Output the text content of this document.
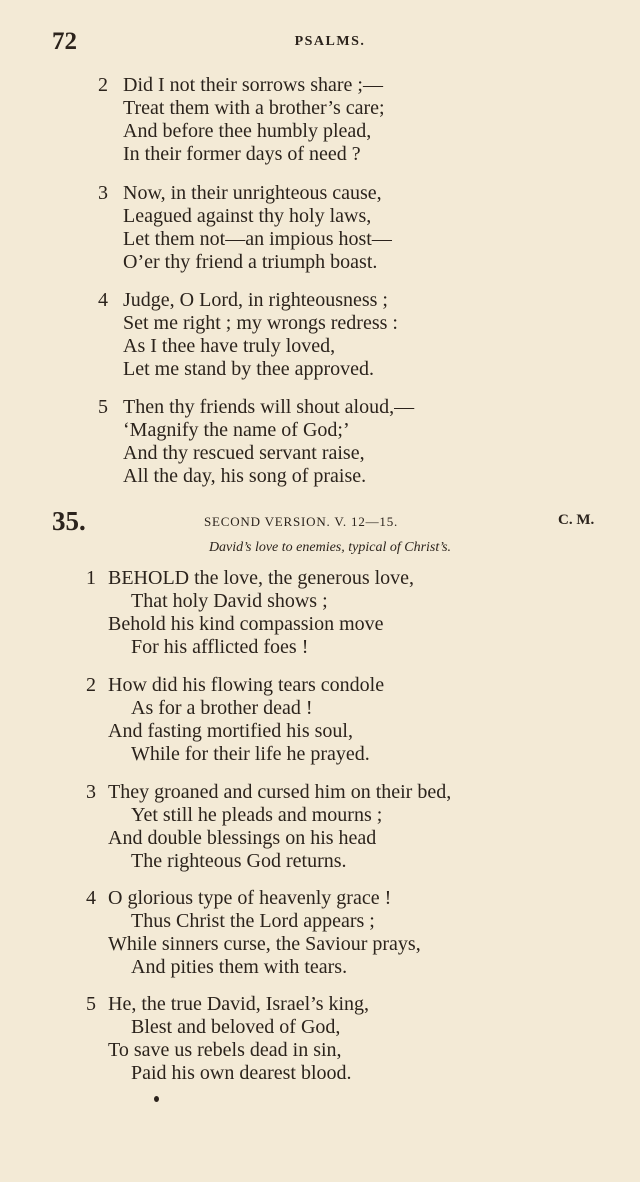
72	PSALMS.
2 Did I not their sorrows share ;—
Treat them with a brother’s care;
And before thee humbly plead,
In their former days of need ?
3 Now, in their unrighteous cause,
Leagued against thy holy laws,
Let them not—an impious host—
O’er thy friend a triumph boast.
4 Judge, O Lord, in righteousness ;
Set me right ; my wrongs redress :
As I thee have truly loved,
Let me stand by thee approved.
5 Then thy friends will shout aloud,—
‘Magnify the name of God;’
And thy rescued servant raise,
All the day, his song of praise.
35.	SECOND VERSION. V. 12—15.	C. M.
David’s love to enemies, typical of Christ’s.
1 BEHOLD the love, the generous love,
That holy David shows ;
Behold his kind compassion move
For his afflicted foes !
2 How did his flowing tears condole
As for a brother dead !
And fasting mortified his soul,
While for their life he prayed.
3 They groaned and cursed him on their bed,
Yet still he pleads and mourns ;
And double blessings on his head
The righteous God returns.
4 O glorious type of heavenly grace !
Thus Christ the Lord appears ;
While sinners curse, the Saviour prays,
And pities them with tears.
5 He, the true David, Israel’s king,
Blest and beloved of God,
To save us rebels dead in sin,
Paid his own dearest blood.
